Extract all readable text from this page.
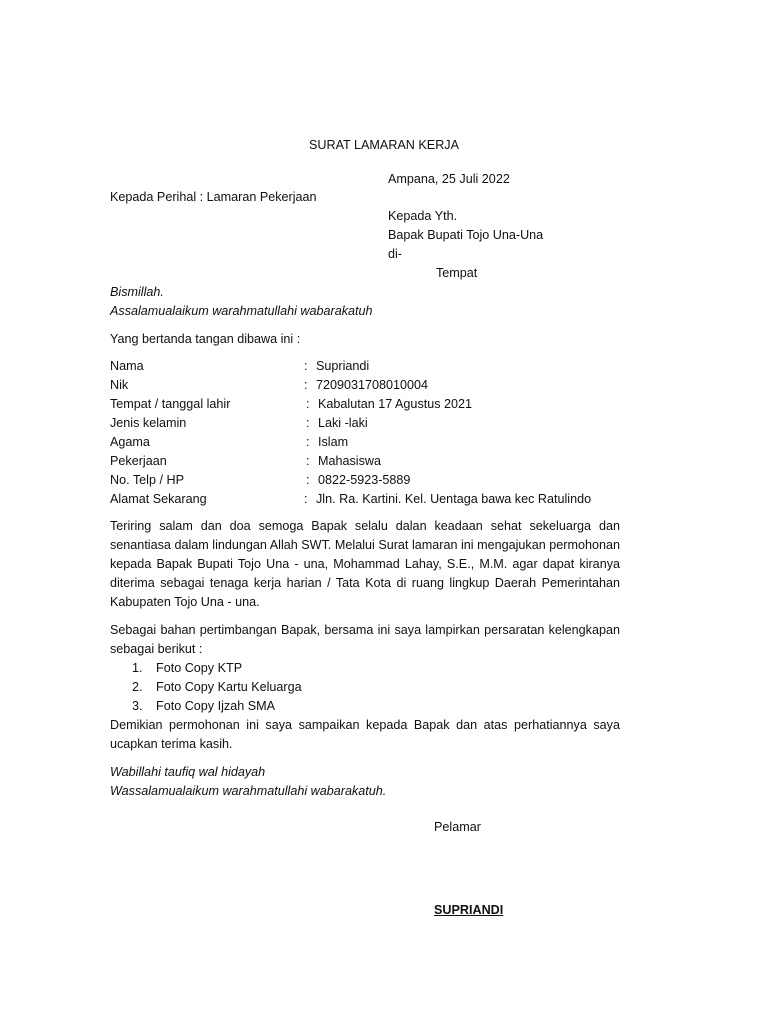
SURAT LAMARAN KERJA
Ampana, 25 Juli 2022
Kepada Perihal : Lamaran Pekerjaan
Kepada Yth.
Bapak Bupati Tojo Una-Una
di-
Tempat
Bismillah.
Assalamualaikum warahmatullahi wabarakatuh
Yang bertanda tangan dibawa ini :
Nama	: Supriandi
Nik	: 7209031708010004
Tempat / tanggal lahir	: Kabalutan 17 Agustus 2021
Jenis kelamin	: Laki -laki
Agama	: Islam
Pekerjaan	: Mahasiswa
No. Telp / HP	: 0822-5923-5889
Alamat Sekarang	: Jln. Ra. Kartini. Kel. Uentaga bawa kec Ratulindo
Teriring salam dan doa semoga Bapak selalu dalan keadaan sehat sekeluarga dan senantiasa dalam lindungan Allah SWT. Melalui Surat lamaran ini mengajukan permohonan kepada Bapak Bupati Tojo Una - una, Mohammad Lahay, S.E., M.M. agar dapat kiranya diterima sebagai tenaga kerja harian / Tata Kota di ruang lingkup Daerah Pemerintahan Kabupaten Tojo Una - una.
Sebagai bahan pertimbangan Bapak, bersama ini saya lampirkan persaratan kelengkapan sebagai berikut :
1. Foto Copy KTP
2. Foto Copy Kartu Keluarga
3. Foto Copy Ijzah SMA
Demikian permohonan ini saya sampaikan kepada Bapak dan atas perhatiannya saya ucapkan terima kasih.
Wabillahi taufiq wal hidayah
Wassalamualaikum warahmatullahi wabarakatuh.
Pelamar
SUPRIANDI
